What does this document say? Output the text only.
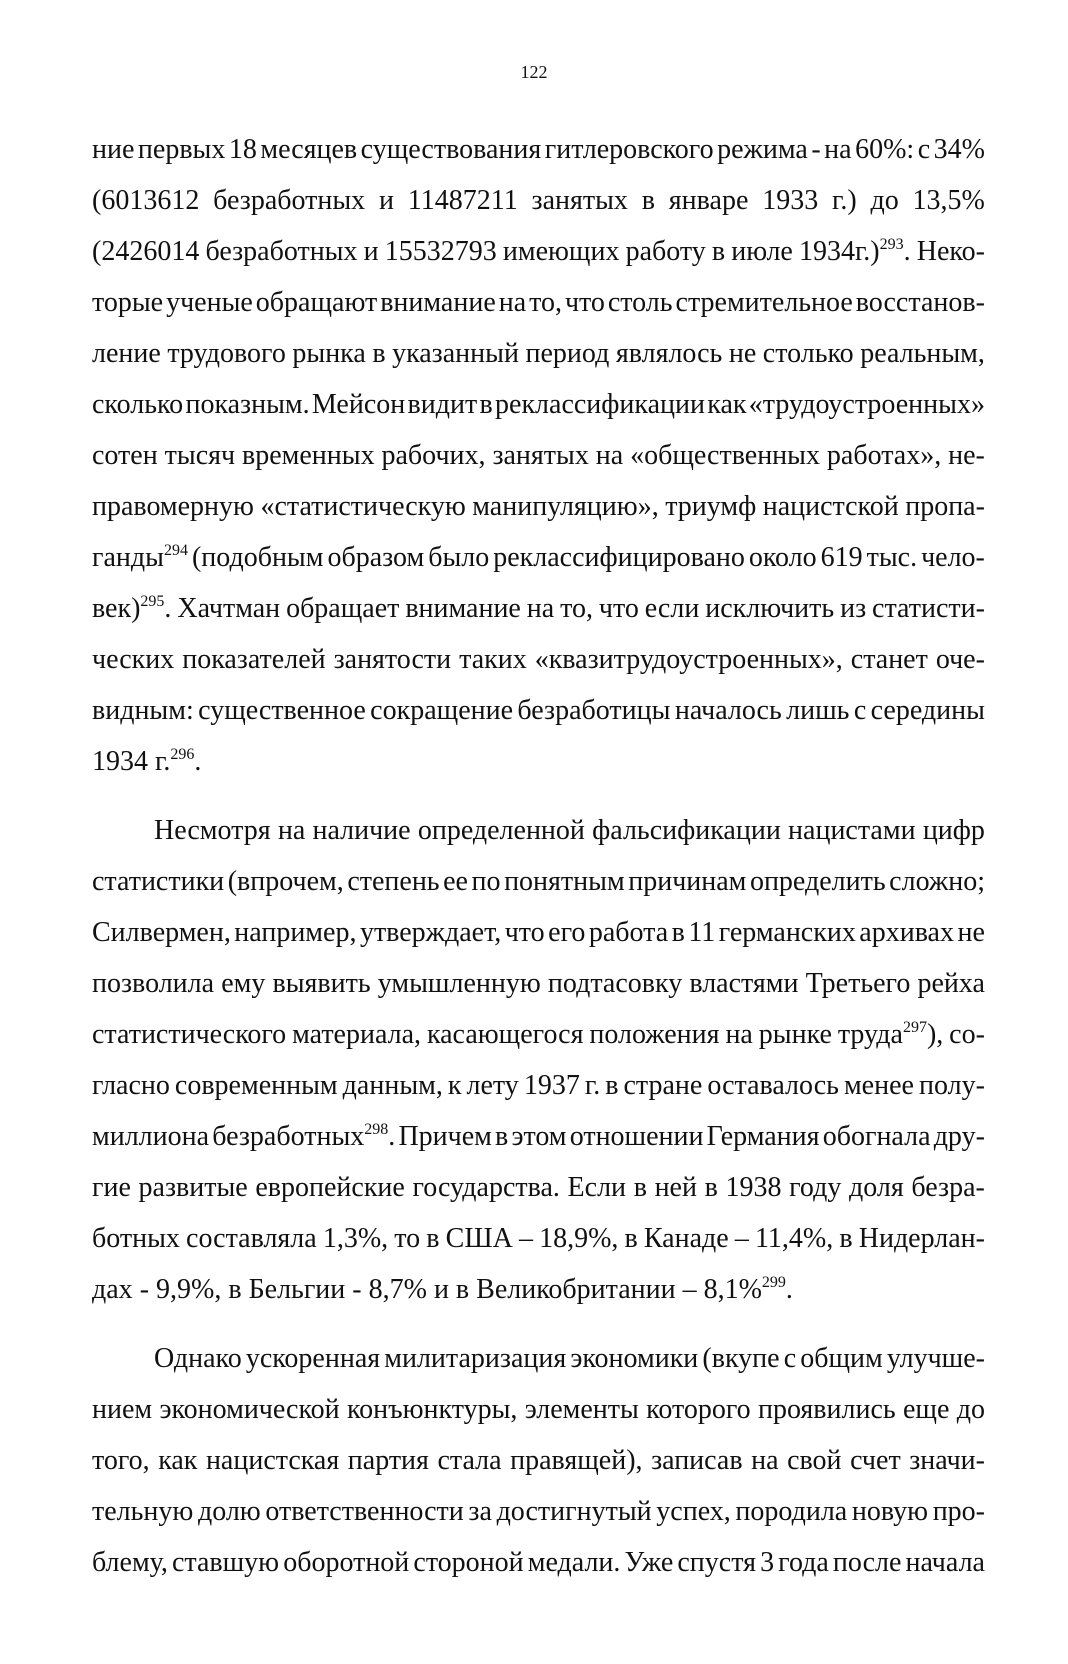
122
ние первых 18 месяцев существования гитлеровского режима - на 60%: с 34%
(6013612 безработных и 11487211 занятых в январе 1933 г.) до 13,5%
(2426014 безработных и 15532793 имеющих работу в июле 1934г.)$^{293}$. Неко-
торые ученые обращают внимание на то, что столь стремительное восстанов-
ление трудового рынка в указанный период являлось не столько реальным,
сколько показным. Мейсон видит в реклассификации как «трудоустроенных»
сотен тысяч временных рабочих, занятых на «общественных работах», не-
правомерную «статистическую манипуляцию», триумф нацистской пропа-
ганды$^{294}$ (подобным образом было реклассифицировано около 619 тыс. чело-
век)$^{295}$. Хачтман обращает внимание на то, что если исключить из статисти-
ческих показателей занятости таких «квазитрудоустроенных», станет оче-
видным: существенное сокращение безработицы началось лишь с середины
1934
г.$^{296}$.
Несмотря на наличие определенной фальсификации нацистами цифр
статистики (впрочем, степень ее по понятным причинам определить сложно;
Силвермен, например, утверждает, что его работа в 11 германских архивах не
позволила ему выявить умышленную подтасовку властями Третьего рейха
статистического материала, касающегося положения на рынке труда$^{297}$), со-
гласно современным данным, к лету 1937 г. в стране оставалось менее полу-
миллиона безработных$^{298}$. Причем в этом отношении Германия обогнала дру-
гие развитые европейские государства. Если в ней в 1938 году доля безра-
ботных составляла 1,3%, то в США – 18,9%, в Канаде – 11,4%, в Нидерлан-
дах
-
9,9%,
в
Бельгии
-
8,7%
и
в
Великобритании
–
8,1%$^{299}$.
Однако ускоренная милитаризация экономики (вкупе с общим улучше-
нием экономической конъюнктуры, элементы которого проявились еще до
того, как нацистская партия стала правящей), записав на свой счет значи-
тельную долю ответственности за достигнутый успех, породила новую про-
блему, ставшую оборотной стороной медали. Уже спустя 3 года после начала
